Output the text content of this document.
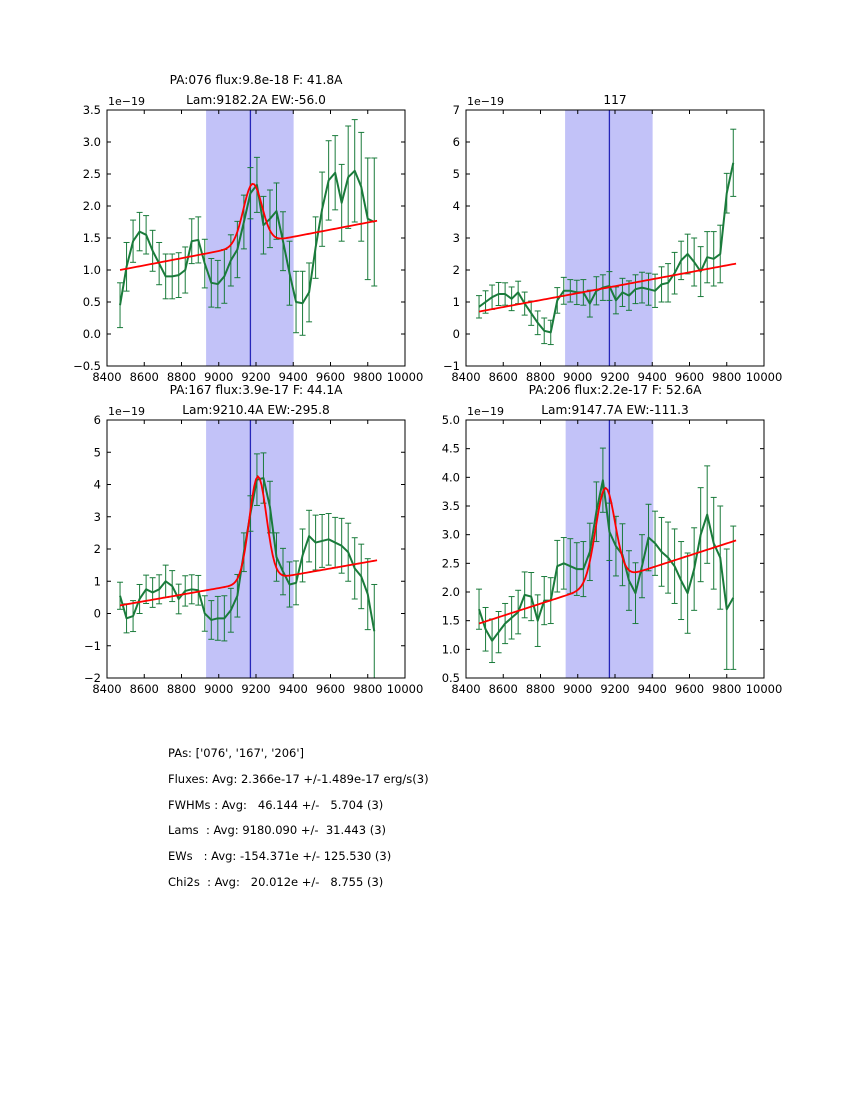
8400 8600 8800 9000 9200 9400 9600 9800 10000
−0.5
0.0
0.5
1.0
1.5
2.0
2.5
3.0
3.5
1e−19
PA:076 flux:9.8e-18 F: 41.8A
Lam:9182.2A EW:-56.0
8400 8600 8800 9000 9200 9400 9600 9800 10000
−1
0
1
2
3
4
5
6
7
1e−19	117
8400 8600 8800 9000 9200 9400 9600 9800 10000
−2
−1
0
1
2
3
4
5
6
1e−19
PA:167 flux:3.9e-17 F: 44.1A
Lam:9210.4A EW:-295.8
8400 8600 8800 9000 9200 9400 9600 9800 10000
0.5
1.0
1.5
2.0
2.5
3.0
3.5
4.0
4.5
5.0
1e−19
PA:206 flux:2.2e-17 F: 52.6A
Lam:9147.7A EW:-111.3
PAs: ['076', '167', '206']
Fluxes: Avg: 2.366e-17 +/-1.489e-17 erg/s(3)
FWHMs : Avg:   46.144 +/-   5.704 (3)
Lams  : Avg: 9180.090 +/-  31.443 (3)
EWs   : Avg: -154.371e +/- 125.530 (3)
Chi2s  : Avg:   20.012e +/-   8.755 (3)
